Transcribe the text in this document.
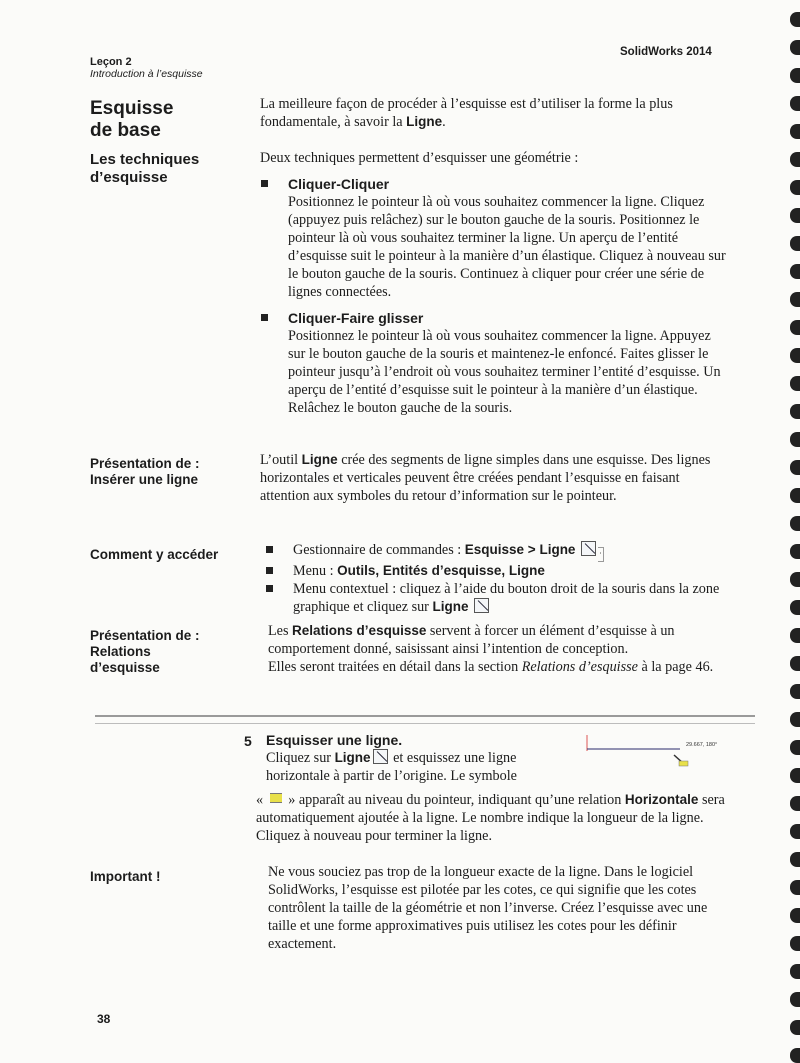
Leçon 2
Introduction à l’esquisse
SolidWorks 2014
Esquisse
de base
La meilleure façon de procéder à l’esquisse est d’utiliser la forme la plus fondamentale, à savoir la Ligne.
Les techniques
d’esquisse
Deux techniques permettent d’esquisser une géométrie :
Cliquer-Cliquer
Positionnez le pointeur là où vous souhaitez commencer la ligne. Cliquez (appuyez puis relâchez) sur le bouton gauche de la souris. Positionnez le pointeur là où vous souhaitez terminer la ligne. Un aperçu de l’entité d’esquisse suit le pointeur à la manière d’un élastique. Cliquez à nouveau sur le bouton gauche de la souris. Continuez à cliquer pour créer une série de lignes connectées.
Cliquer-Faire glisser
Positionnez le pointeur là où vous souhaitez commencer la ligne. Appuyez sur le bouton gauche de la souris et maintenez-le enfoncé. Faites glisser le pointeur jusqu’à l’endroit où vous souhaitez terminer l’entité d’esquisse. Un aperçu de l’entité d’esquisse suit le pointeur à la manière d’un élastique. Relâchez le bouton gauche de la souris.
Présentation de :
Insérer une ligne
L’outil Ligne crée des segments de ligne simples dans une esquisse. Des lignes horizontales et verticales peuvent être créées pendant l’esquisse en faisant attention aux symboles du retour d’information sur le pointeur.
Comment y accéder	Gestionnaire de commandes : Esquisse > Ligne	·
Menu : Outils, Entités d’esquisse, Ligne
Menu contextuel : cliquez à l’aide du bouton droit de la souris dans la zone graphique et cliquez sur Ligne
Présentation de :
Relations
d’esquisse
Les Relations d’esquisse servent à forcer un élément d’esquisse à un comportement donné, saisissant ainsi l’intention de conception.
Elles seront traitées en détail dans la section Relations d’esquisse à la page 46.
5 Esquisser une ligne.
Cliquez sur Ligne et esquissez une ligne horizontale à partir de l’origine. Le symbole
29.667, 180°
«  » apparaît au niveau du pointeur, indiquant qu’une relation Horizontale sera automatiquement ajoutée à la ligne. Le nombre indique la longueur de la ligne. Cliquez à nouveau pour terminer la ligne.
Important !	Ne vous souciez pas trop de la longueur exacte de la ligne. Dans le logiciel SolidWorks, l’esquisse est pilotée par les cotes, ce qui signifie que les cotes contrôlent la taille de la géométrie et non l’inverse. Créez l’esquisse avec une taille et une forme approximatives puis utilisez les cotes pour les définir exactement.
38
